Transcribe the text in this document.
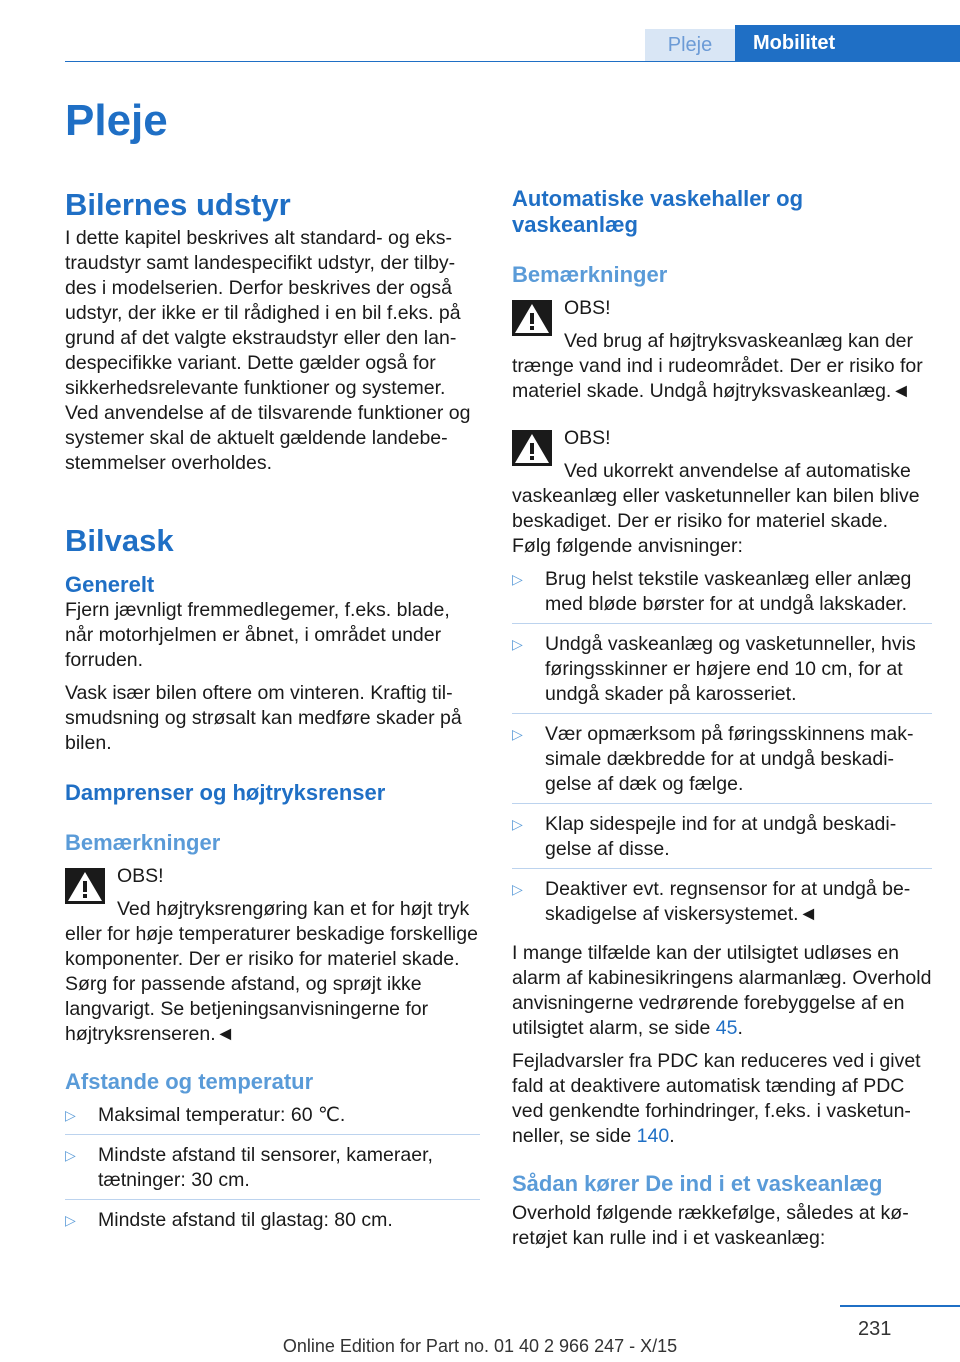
Pleje	Mobilitet
Pleje
Bilernes udstyr

I dette kapitel beskrives alt standard- og ekstraudstyr samt landespecifikt udstyr, der tilbydes i modelserien. Derfor beskrives der også udstyr, der ikke er til rådighed i en bil f.eks. på grund af det valgte ekstraudstyr eller den landespecifikke variant. Dette gælder også for sikkerhedsrelevante funktioner og systemer. Ved anvendelse af de tilsvarende funktioner og systemer skal de aktuelt gældende landebestemmelser overholdes.

Bilvask
Generelt

Fjern jævnligt fremmedlegemer, f.eks. blade, når motorhjelmen er åbnet, i området under forruden.

Vask især bilen oftere om vinteren. Kraftig tilsmudsning og strøsalt kan medføre skader på bilen.

Damprenser og højtryksrenser
Bemærkninger

OBS!

Ved højtryksrengøring kan et for højt tryk eller for høje temperaturer beskadige forskellige komponenter. Der er risiko for materiel skade. Sørg for passende afstand, og sprøjt ikke langvarigt. Se betjeningsanvisningerne for højtryksrenseren.◄

Afstande og temperatur
▷ Maksimal temperatur: 60 ℃.
▷ Mindste afstand til sensorer, kameraer, tætninger: 30 cm.
▷ Mindste afstand til glastag: 80 cm.
Automatiske vaskehaller og vaskeanlæg
Bemærkninger

OBS!

Ved brug af højtryksvaskeanlæg kan der trænge vand ind i rudeområdet. Der er risiko for materiel skade. Undgå højtryksvaskeanlæg.◄

OBS!

Ved ukorrekt anvendelse af automatiske vaskeanlæg eller vasketunneller kan bilen blive beskadiget. Der er risiko for materiel skade. Følg følgende anvisninger:

▷ Brug helst tekstile vaskeanlæg eller anlæg med bløde børster for at undgå lakskader.
▷ Undgå vaskeanlæg og vasketunneller, hvis føringsskinner er højere end 10 cm, for at undgå skader på karosseriet.
▷ Vær opmærksom på føringsskinnens maksimale dækbredde for at undgå beskadigelse af dæk og fælge.
▷ Klap sidespejle ind for at undgå beskadigelse af disse.
▷ Deaktiver evt. regnsensor for at undgå beskadigelse af viskersystemet.◄

I mange tilfælde kan der utilsigtet udløses en alarm af kabinesikringens alarmanlæg. Overhold anvisningerne vedrørende forebyggelse af en utilsigtet alarm, se side 45.

Fejladvarsler fra PDC kan reduceres ved i givet fald at deaktivere automatisk tænding af PDC ved genkendte forhindringer, f.eks. i vasketunneller, se side 140.

Sådan kører De ind i et vaskeanlæg

Overhold følgende rækkefølge, således at køretøjet kan rulle ind i et vaskeanlæg:

231
Online Edition for Part no. 01 40 2 966 247 - X/15
